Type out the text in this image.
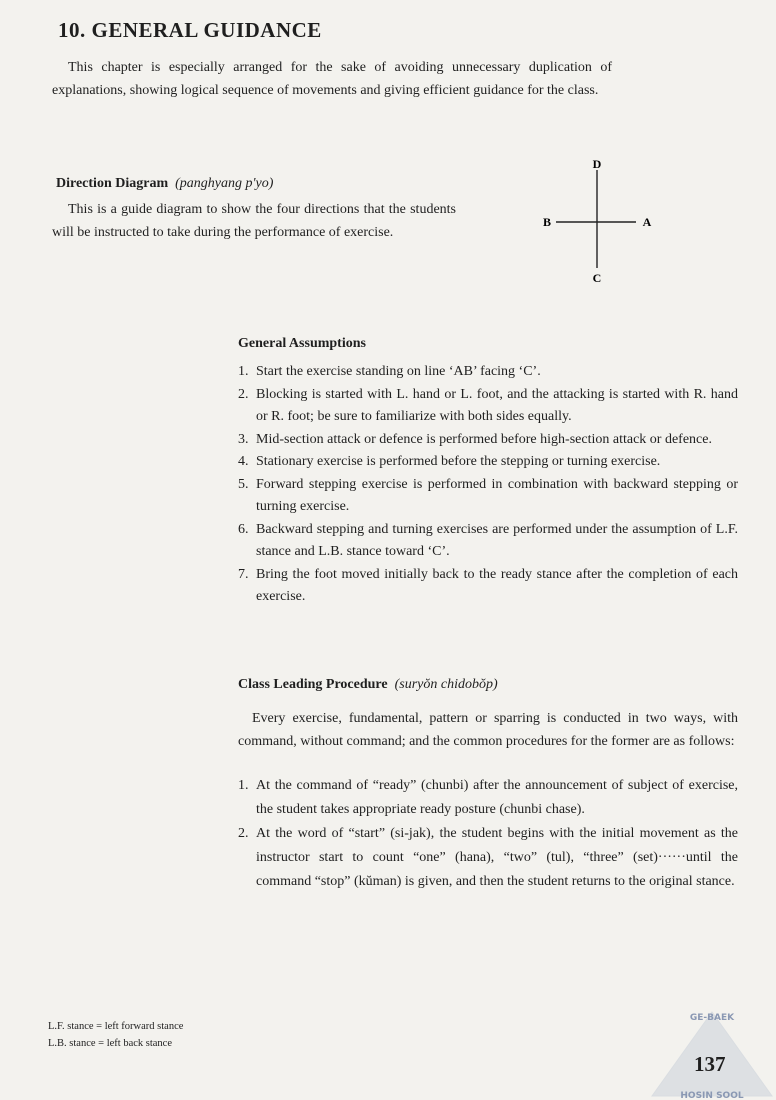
10. GENERAL GUIDANCE

This chapter is especially arranged for the sake of avoiding unnecessary duplication of explanations, showing logical sequence of movements and giving efficient guidance for the class.

Direction Diagram (panghyang p'yo)

This is a guide diagram to show the four directions that the students will be instructed to take during the performance of exercise.

D
B	A
C
General Assumptions
1. Start the exercise standing on line ‘AB’ facing ‘C’.
2. Blocking is started with L. hand or L. foot, and the attacking is started with R. hand or R. foot; be sure to familiarize with both sides equally.
3. Mid-section attack or defence is performed before high-section attack or defence.
4. Stationary exercise is performed before the stepping or turning exercise.
5. Forward stepping exercise is performed in combination with backward stepping or turning exercise.
6. Backward stepping and turning exercises are performed under the assumption of L.F. stance and L.B. stance toward ‘C’.
7. Bring the foot moved initially back to the ready stance after the completion of each exercise.
Class Leading Procedure (suryŏn chidobŏp)

Every exercise, fundamental, pattern or sparring is conducted in two ways, with command, without command; and the common procedures for the former are as follows:

1. At the command of “ready” (chunbi) after the announcement of subject of exercise, the student takes appropriate ready posture (chunbi chase).
2. At the word of “start” (si-jak), the student begins with the initial movement as the instructor start to count “one” (hana), “two” (tul), “three” (set)······until the command “stop” (kŭman) is given, and then the student returns to the original stance.
L.F. stance = left forward stance
L.B. stance = left back stance
GE-BAEK
HOSIN SOOL
137
